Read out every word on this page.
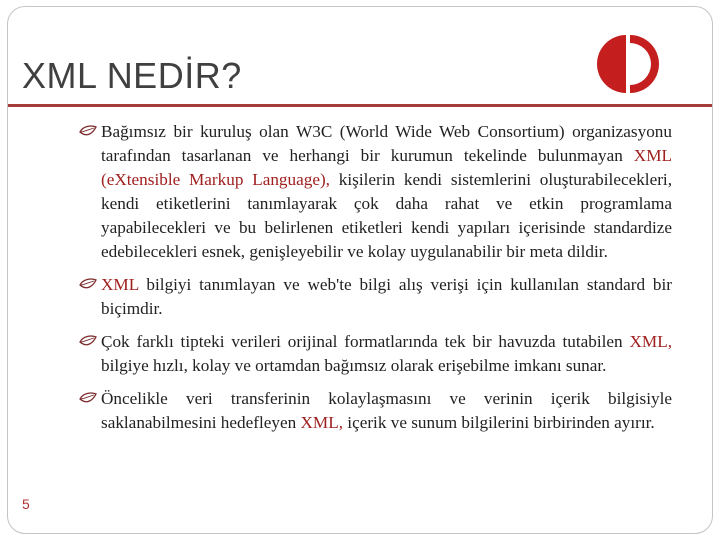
XML NEDİR?

Bağımsız bir kuruluş olan W3C (World Wide Web Consortium) organizasyonu tarafından tasarlanan ve herhangi bir kurumun tekelinde bulunmayan XML (eXtensible Markup Language), kişilerin kendi sistemlerini oluşturabilecekleri, kendi etiketlerini tanımlayarak çok daha rahat ve etkin programlama yapabilecekleri ve bu belirlenen etiketleri kendi yapıları içerisinde standardize edebilecekleri esnek, genişleyebilir ve kolay uygulanabilir bir meta dildir.

XML bilgiyi tanımlayan ve web'te bilgi alış verişi için kullanılan standard bir biçimdir.

Çok farklı tipteki verileri orijinal formatlarında tek bir havuzda tutabilen XML, bilgiye hızlı, kolay ve ortamdan bağımsız olarak erişebilme imkanı sunar.

Öncelikle veri transferinin kolaylaşmasını ve verinin içerik bilgisiyle saklanabilmesini hedefleyen XML, içerik ve sunum bilgilerini birbirinden ayırır.

5
